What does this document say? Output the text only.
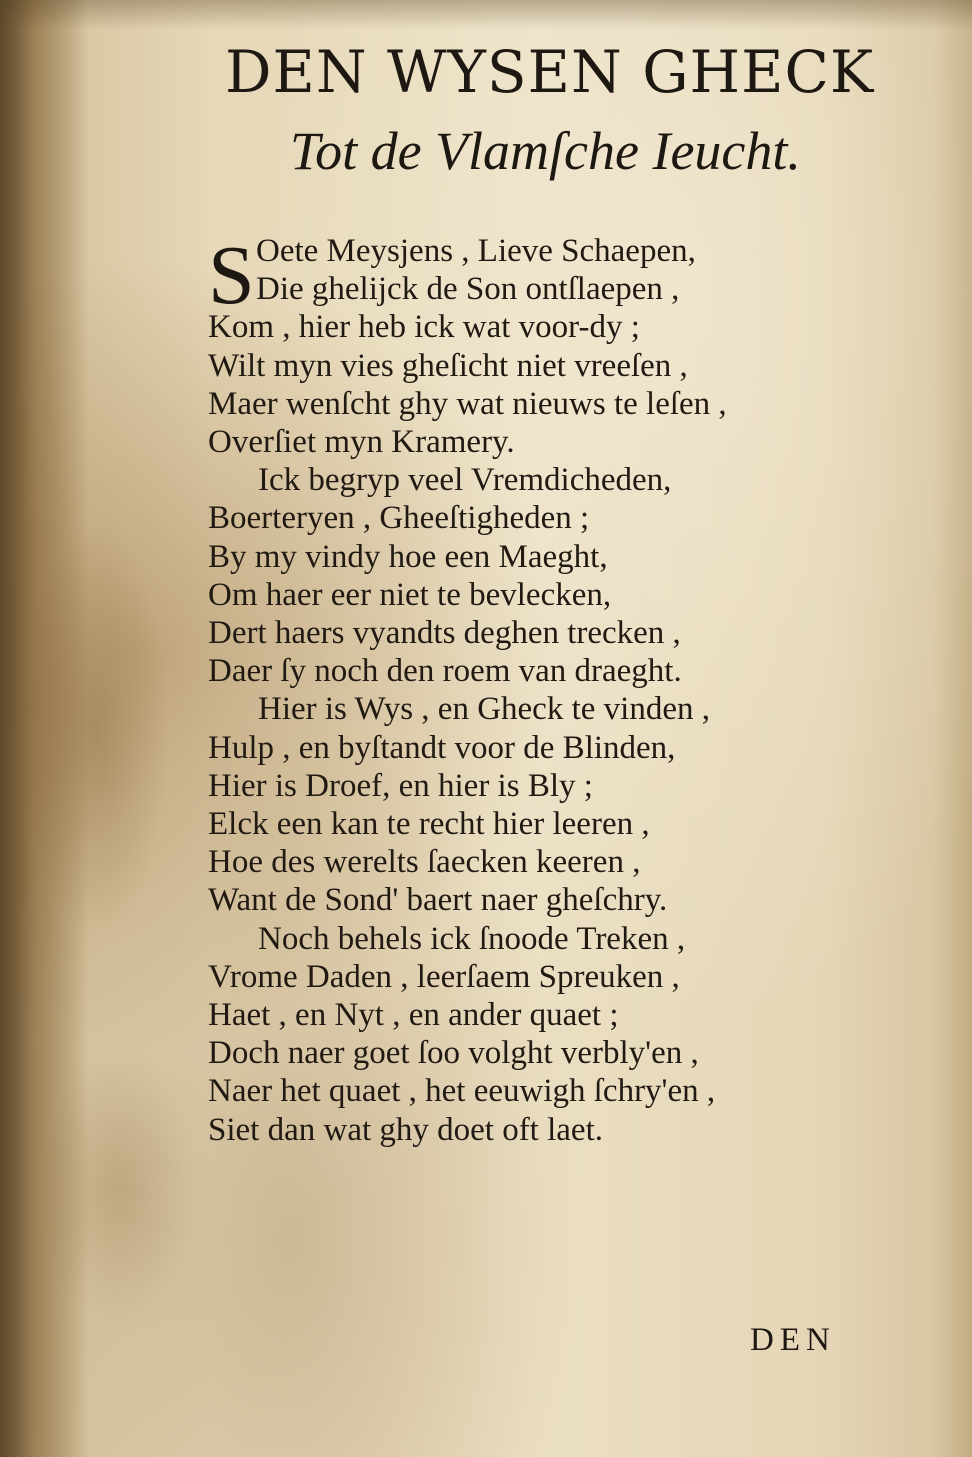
DEN WYSEN GHECK
Tot de Vlamſche Ieucht.
S Oete Meysjens , Lieve Schaepen,
Die ghelijck de Son ontſlaepen ,
Kom , hier heb ick wat voor-dy ;
Wilt myn vies gheſicht niet vreeſen ,
Maer wenſcht ghy wat nieuws te leſen ,
Overſiet myn Kramery.
Ick begryp veel Vremdicheden,
Boerteryen , Gheeſtigheden ;
By my vindy hoe een Maeght,
Om haer eer niet te bevlecken,
Dert haers vyandts deghen trecken ,
Daer ſy noch den roem van draeght.
Hier is Wys , en Gheck te vinden ,
Hulp , en byſtandt voor de Blinden,
Hier is Droef, en hier is Bly ;
Elck een kan te recht hier leeren ,
Hoe des werelts ſaecken keeren ,
Want de Sond' baert naer gheſchry.
Noch behels ick ſnoode Treken ,
Vrome Daden , leerſaem Spreuken ,
Haet , en Nyt , en ander quaet ;
Doch naer goet ſoo volght verbly'en ,
Naer het quaet , het eeuwigh ſchry'en ,
Siet dan wat ghy doet oft laet.
DEN
